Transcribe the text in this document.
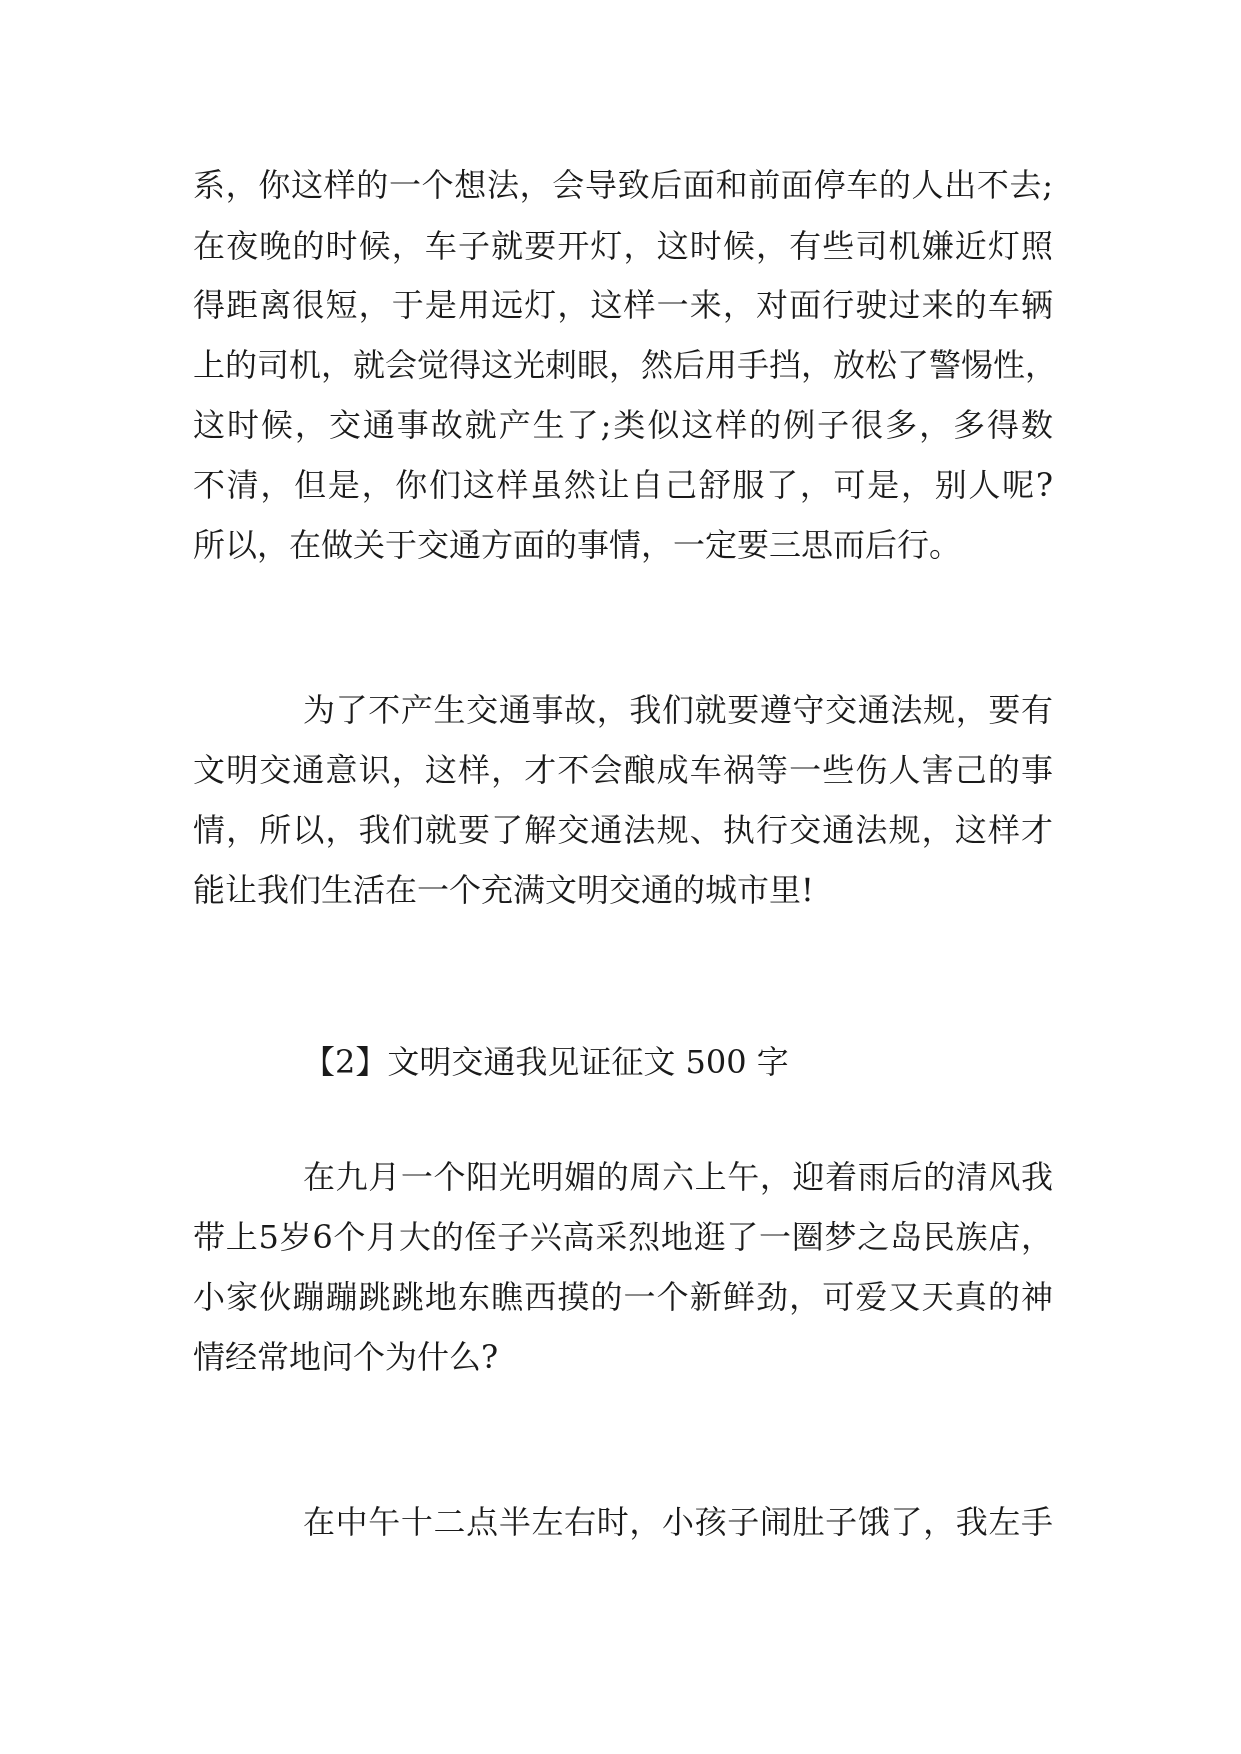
系，你这样的一个想法，会导致后面和前面停车的人出不去;
在夜晚的时候，车子就要开灯，这时候，有些司机嫌近灯照
得距离很短，于是用远灯，这样一来，对面行驶过来的车辆
上的司机，就会觉得这光刺眼，然后用手挡，放松了警惕性，
这时候，交通事故就产生了;类似这样的例子很多，多得数
不清，但是，你们这样虽然让自己舒服了，可是，别人呢?
所以，在做关于交通方面的事情，一定要三思而后行。
为了不产生交通事故，我们就要遵守交通法规，要有
文明交通意识，这样，才不会酿成车祸等一些伤人害己的事
情，所以，我们就要了解交通法规、执行交通法规，这样才
能让我们生活在一个充满文明交通的城市里!
【2】文明交通我见证征文 500 字
在九月一个阳光明媚的周六上午，迎着雨后的清风我
带上5岁6个月大的侄子兴高采烈地逛了一圈梦之岛民族店，
小家伙蹦蹦跳跳地东瞧西摸的一个新鲜劲，可爱又天真的神
情经常地问个为什么?
在中午十二点半左右时，小孩子闹肚子饿了，我左手
